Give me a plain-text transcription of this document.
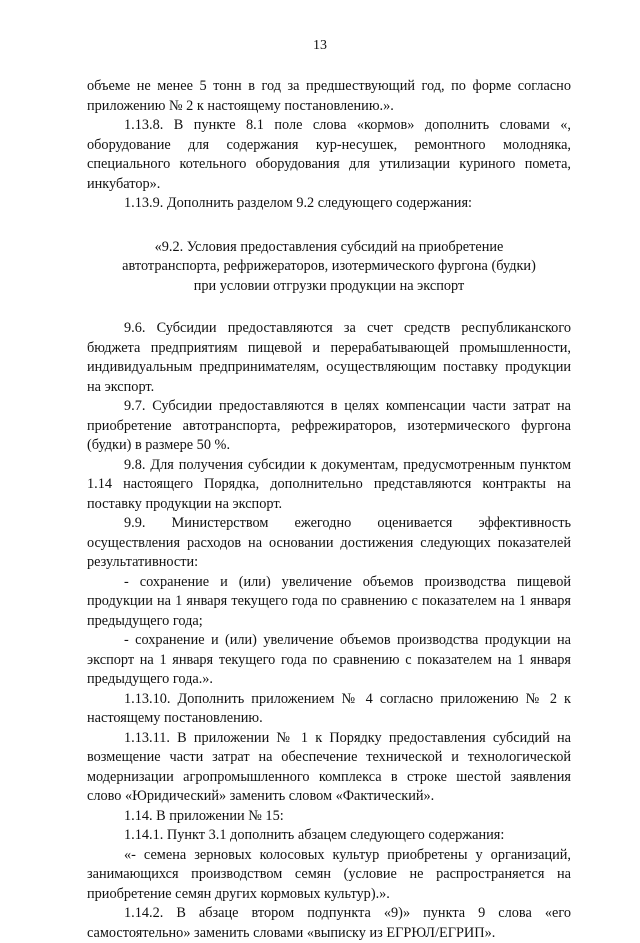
13

объеме не менее 5 тонн в год за предшествующий год, по форме согласно приложению № 2 к настоящему постановлению.».

1.13.8. В пункте 8.1 поле слова «кормов» дополнить словами «, оборудование для содержания кур-несушек, ремонтного молодняка, специального котельного оборудования для утилизации куриного помета, инкубатор».

1.13.9. Дополнить разделом 9.2 следующего содержания:

«9.2. Условия предоставления субсидий на приобретение
автотранспорта, рефрижераторов, изотермического фургона (будки)
при условии отгрузки продукции на экспорт

9.6. Субсидии предоставляются за счет средств республиканского бюджета предприятиям пищевой и перерабатывающей промышленности, индивидуальным предпринимателям, осуществляющим поставку продукции на экспорт.

9.7. Субсидии предоставляются в целях компенсации части затрат на приобретение автотранспорта, рефрежираторов, изотермического фургона (будки) в размере 50 %.

9.8. Для получения субсидии к документам, предусмотренным пунктом 1.14 настоящего Порядка, дополнительно представляются контракты на поставку продукции на экспорт.

9.9. Министерством ежегодно оценивается эффективность осуществления расходов на основании достижения следующих показателей результативности:

- сохранение и (или) увеличение объемов производства пищевой продукции на 1 января текущего года по сравнению с показателем на 1 января предыдущего года;

- сохранение и (или) увеличение объемов производства продукции на экспорт на 1 января текущего года по сравнению с показателем на 1 января предыдущего года.».

1.13.10. Дополнить приложением № 4 согласно приложению № 2 к настоящему постановлению.

1.13.11. В приложении № 1 к Порядку предоставления субсидий на возмещение части затрат на обеспечение технической и технологической модернизации агропромышленного комплекса в строке шестой заявления слово «Юридический» заменить словом «Фактический».

1.14. В приложении № 15:

1.14.1. Пункт 3.1 дополнить абзацем следующего содержания:

«- семена зерновых колосовых культур приобретены у организаций, занимающихся производством семян (условие не распространяется на приобретение семян других кормовых культур).».

1.14.2. В абзаце втором подпункта «9)» пункта 9 слова «его самостоятельно» заменить словами «выписку из ЕГРЮЛ/ЕГРИП».
